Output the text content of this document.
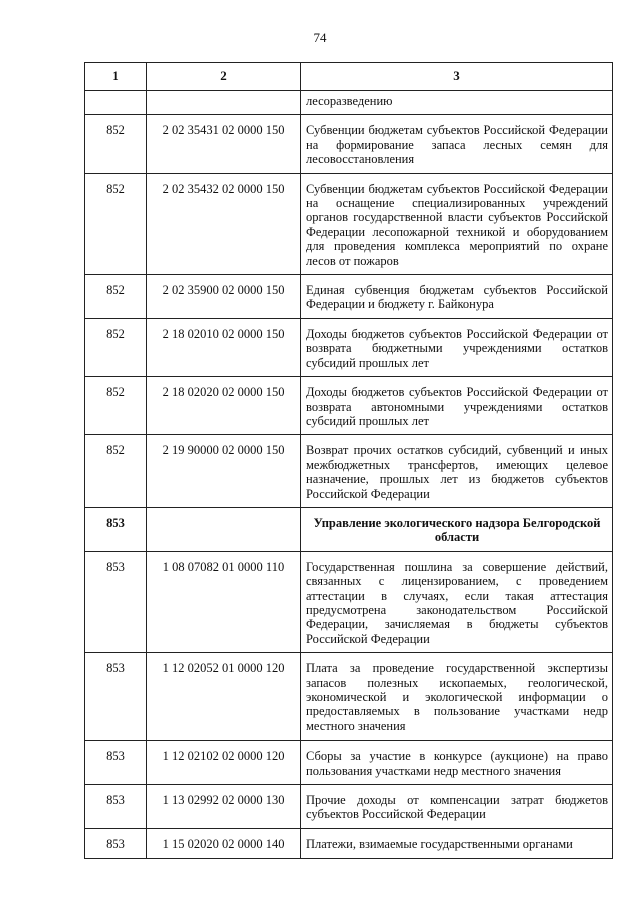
74
1	2	3
		лесоразведению
852	2 02 35431 02 0000 150	Субвенции бюджетам субъектов Российской Федерации на формирование запаса лесных семян для лесовосстановления
852	2 02 35432 02 0000 150	Субвенции бюджетам субъектов Российской Федерации на оснащение специализированных учреждений органов государственной власти субъектов Российской Федерации лесопожарной техникой и оборудованием для проведения комплекса мероприятий по охране лесов от пожаров
852	2 02 35900 02 0000 150	Единая субвенция бюджетам субъектов Российской Федерации и бюджету г. Байконура
852	2 18 02010 02 0000 150	Доходы бюджетов субъектов Российской Федерации от возврата бюджетными учреждениями остатков субсидий прошлых лет
852	2 18 02020 02 0000 150	Доходы бюджетов субъектов Российской Федерации от возврата автономными учреждениями остатков субсидий прошлых лет
852	2 19 90000 02 0000 150	Возврат прочих остатков субсидий, субвенций и иных межбюджетных трансфертов, имеющих целевое назначение, прошлых лет из бюджетов субъектов Российской Федерации
853		Управление экологического надзора Белгородской области
853	1 08 07082 01 0000 110	Государственная пошлина за совершение действий, связанных с лицензированием, с проведением аттестации в случаях, если такая аттестация предусмотрена законодательством Российской Федерации, зачисляемая в бюджеты субъектов Российской Федерации
853	1 12 02052 01 0000 120	Плата за проведение государственной экспертизы запасов полезных ископаемых, геологической, экономической и экологической информации о предоставляемых в пользование участками недр местного значения
853	1 12 02102 02 0000 120	Сборы за участие в конкурсе (аукционе) на право пользования участками недр местного значения
853	1 13 02992 02 0000 130	Прочие доходы от компенсации затрат бюджетов субъектов Российской Федерации
853	1 15 02020 02 0000 140	Платежи, взимаемые государственными органами
